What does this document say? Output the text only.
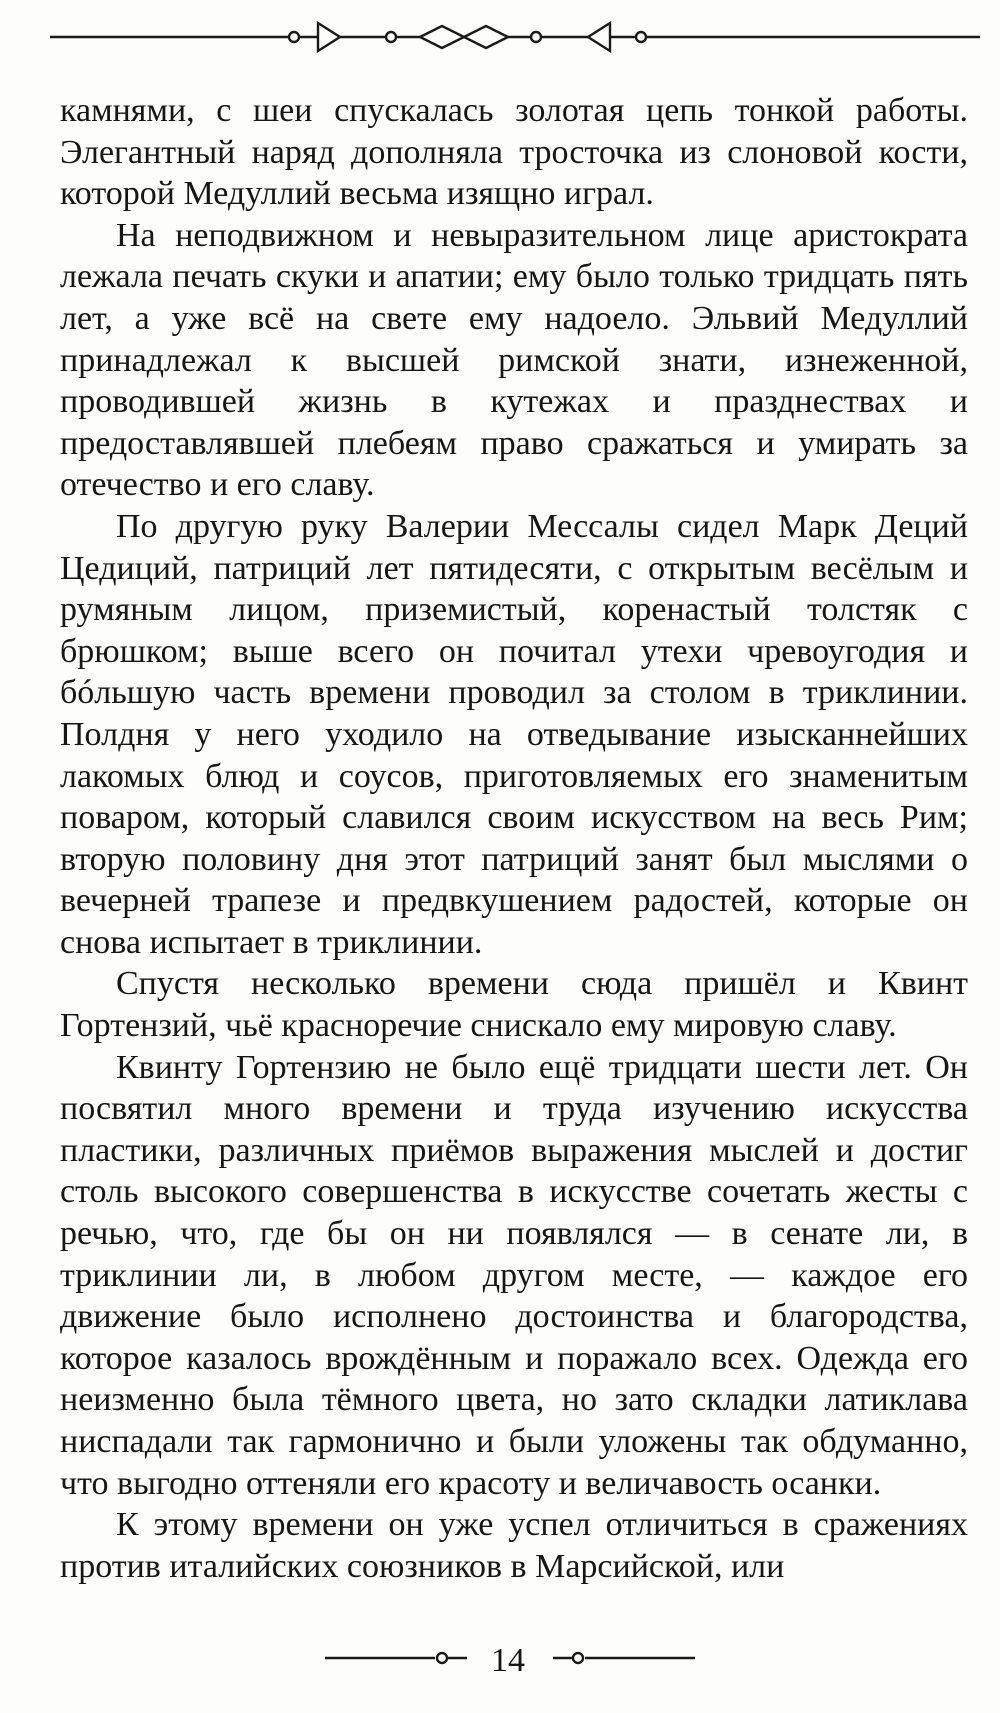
камнями, с шеи спускалась золотая цепь тонкой работы. Элегантный наряд дополняла тросточка из слоновой кости, которой Медуллий весьма изящно играл.

На неподвижном и невыразительном лице аристократа лежала печать скуки и апатии; ему было только тридцать пять лет, а уже всё на свете ему надоело. Эльвий Медуллий принадлежал к высшей римской знати, изнеженной, проводившей жизнь в кутежах и празднествах и предоставлявшей плебеям право сражаться и умирать за отечество и его славу.

По другую руку Валерии Мессалы сидел Марк Деций Цедиций, патриций лет пятидесяти, с открытым весёлым и румяным лицом, приземистый, коренастый толстяк с брюшком; выше всего он почитал утехи чревоугодия и бóльшую часть времени проводил за столом в триклинии. Полдня у него уходило на отведывание изысканнейших лакомых блюд и соусов, приготовляемых его знаменитым поваром, который славился своим искусством на весь Рим; вторую половину дня этот патриций занят был мыслями о вечерней трапезе и предвкушением радостей, которые он снова испытает в триклинии.

Спустя несколько времени сюда пришёл и Квинт Гортензий, чьё красноречие снискало ему мировую славу.

Квинту Гортензию не было ещё тридцати шести лет. Он посвятил много времени и труда изучению искусства пластики, различных приёмов выражения мыслей и достиг столь высокого совершенства в искусстве сочетать жесты с речью, что, где бы он ни появлялся — в сенате ли, в триклинии ли, в любом другом месте, — каждое его движение было исполнено достоинства и благородства, которое казалось врождённым и поражало всех. Одежда его неизменно была тёмного цвета, но зато складки латиклава ниспадали так гармонично и были уложены так обдуманно, что выгодно оттеняли его красоту и величавость осанки.

К этому времени он уже успел отличиться в сражениях против италийских союзников в Марсийской, или

14
